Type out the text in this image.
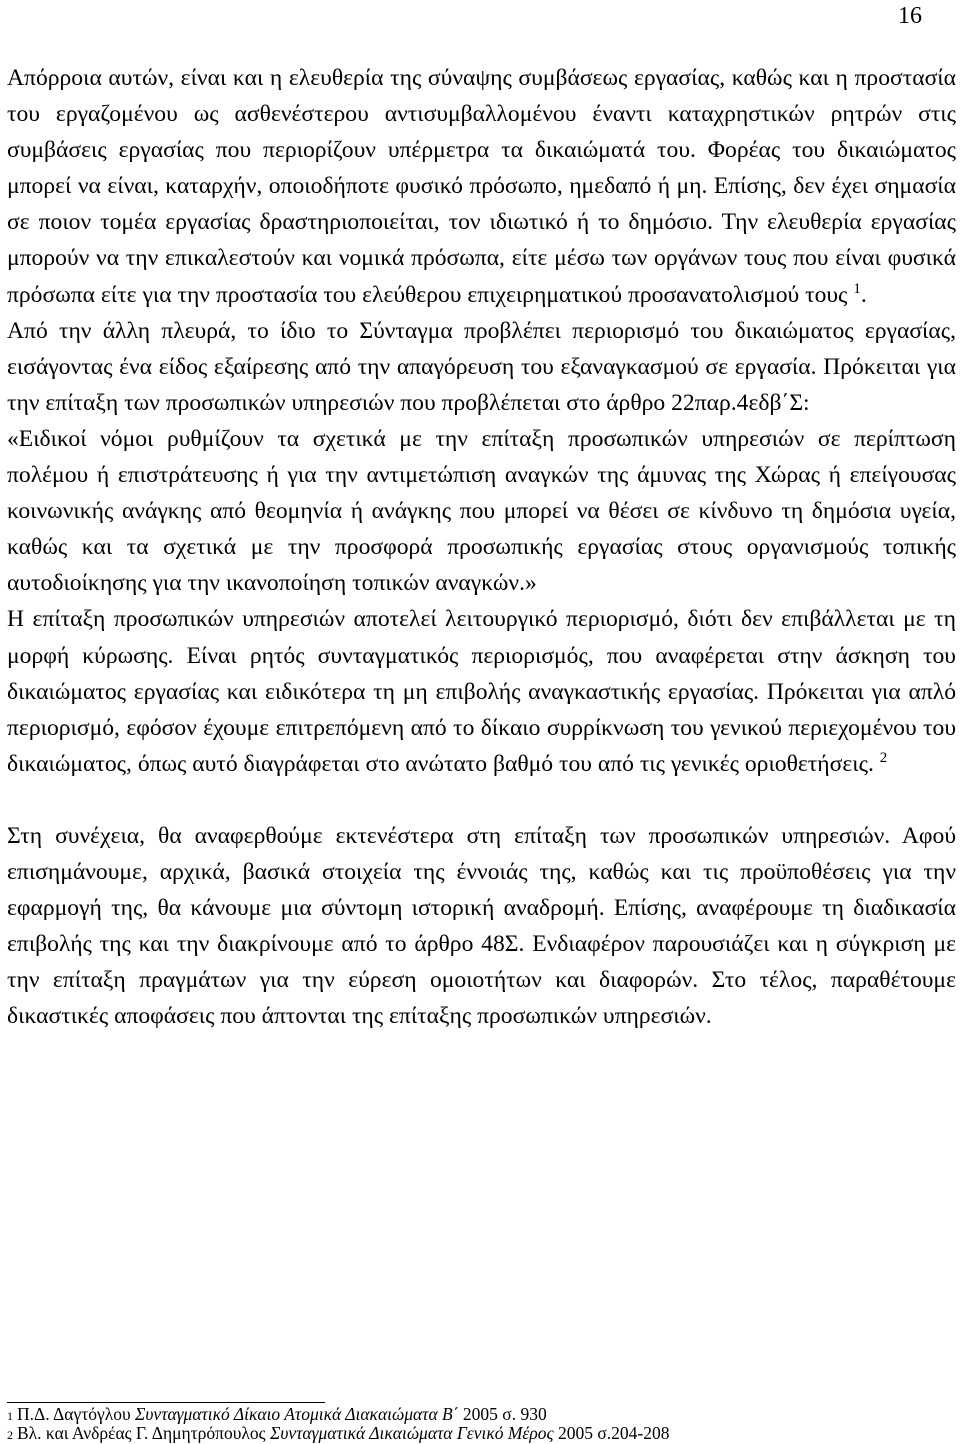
16

Απόρροια αυτών, είναι και η ελευθερία της σύναψης συμβάσεως εργασίας, καθώς και η προστασία του εργαζομένου ως ασθενέστερου αντισυμβαλλομένου έναντι καταχρηστικών ρητρών στις συμβάσεις εργασίας που περιορίζουν υπέρμετρα τα δικαιώματά του. Φορέας του δικαιώματος μπορεί να είναι, καταρχήν, οποιοδήποτε φυσικό πρόσωπο, ημεδαπό ή μη. Επίσης, δεν έχει σημασία σε ποιον τομέα εργασίας δραστηριοποιείται, τον ιδιωτικό ή το δημόσιο. Την ελευθερία εργασίας μπορούν να την επικαλεστούν και νομικά πρόσωπα, είτε μέσω των οργάνων τους που είναι φυσικά πρόσωπα είτε για την προστασία του ελεύθερου επιχειρηματικού προσανατολισμού τους $^1$.

Από την άλλη πλευρά, το ίδιο το Σύνταγμα προβλέπει περιορισμό του δικαιώματος εργασίας, εισάγοντας ένα είδος εξαίρεσης από την απαγόρευση του εξαναγκασμού σε εργασία. Πρόκειται για την επίταξη των προσωπικών υπηρεσιών που προβλέπεται στο άρθρο 22παρ.4εδβ΄Σ:

«Ειδικοί νόμοι ρυθμίζουν τα σχετικά με την επίταξη προσωπικών υπηρεσιών σε περίπτωση πολέμου ή επιστράτευσης ή για την αντιμετώπιση αναγκών της άμυνας της Χώρας ή επείγουσας κοινωνικής ανάγκης από θεομηνία ή ανάγκης που μπορεί να θέσει σε κίνδυνο τη δημόσια υγεία, καθώς και τα σχετικά με την προσφορά προσωπικής εργασίας στους οργανισμούς τοπικής αυτοδιοίκησης για την ικανοποίηση τοπικών αναγκών.»

Η επίταξη προσωπικών υπηρεσιών αποτελεί λειτουργικό περιορισμό, διότι δεν επιβάλλεται με τη μορφή κύρωσης. Είναι ρητός συνταγματικός περιορισμός, που αναφέρεται στην άσκηση του δικαιώματος εργασίας και ειδικότερα τη μη επιβολής αναγκαστικής εργασίας. Πρόκειται για απλό περιορισμό, εφόσον έχουμε επιτρεπόμενη από το δίκαιο συρρίκνωση του γενικού περιεχομένου του δικαιώματος, όπως αυτό διαγράφεται στο ανώτατο βαθμό του από τις γενικές οριοθετήσεις. $^2$

Στη συνέχεια, θα αναφερθούμε εκτενέστερα στη επίταξη των προσωπικών υπηρεσιών. Αφού επισημάνουμε, αρχικά, βασικά στοιχεία της έννοιάς της, καθώς και τις προϋποθέσεις για την εφαρμογή της, θα κάνουμε μια σύντομη ιστορική αναδρομή. Επίσης, αναφέρουμε τη διαδικασία επιβολής της και την διακρίνουμε από το άρθρο 48Σ. Ενδιαφέρον παρουσιάζει και η σύγκριση με την επίταξη πραγμάτων για την εύρεση ομοιοτήτων και διαφορών. Στο τέλος, παραθέτουμε δικαστικές αποφάσεις που άπτονται της επίταξης προσωπικών υπηρεσιών.

1 Π.Δ. Δαγτόγλου
Συνταγματικό Δίκαιο Ατομικά Διακαιώματα Β΄
2005 σ. 930
2 Βλ. και Ανδρέας Γ. Δημητρόπουλος
Συνταγματικά Δικαιώματα Γενικό Μέρος
2005 σ.204-208
